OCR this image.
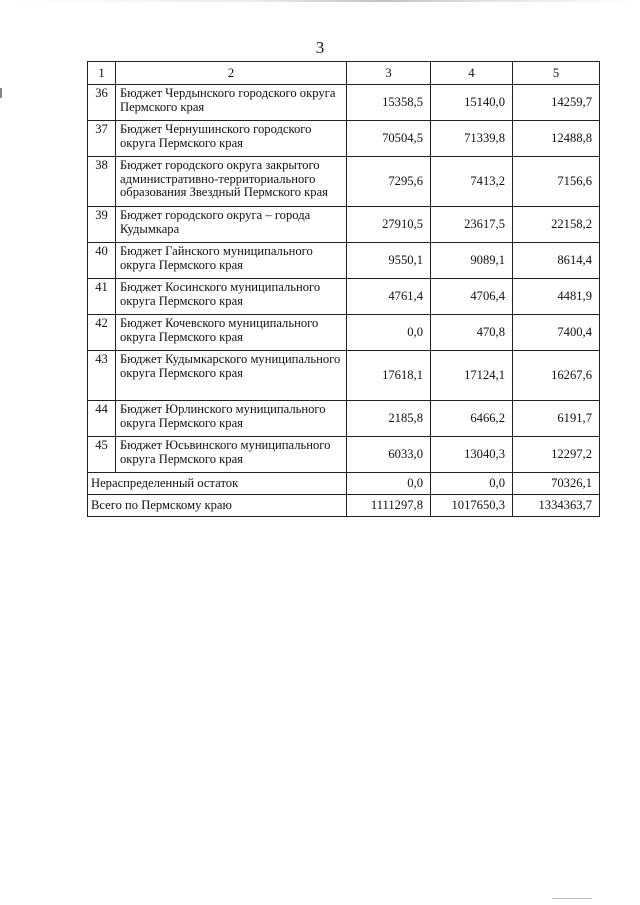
3
1	2	3	4	5
36	Бюджет Чердынского городского округа Пермского края	15358,5	15140,0	14259,7
37	Бюджет Чернушинского городского округа Пермского края	70504,5	71339,8	12488,8
38	Бюджет городского округа закрытого административно-территориального образования Звездный Пермского края	7295,6	7413,2	7156,6
39	Бюджет городского округа – города Кудымкара	27910,5	23617,5	22158,2
40	Бюджет Гайнского муниципального округа Пермского края	9550,1	9089,1	8614,4
41	Бюджет Косинского муниципального округа Пермского края	4761,4	4706,4	4481,9
42	Бюджет Кочевского муниципального округа Пермского края	0,0	470,8	7400,4
43	Бюджет Кудымкарского муниципального округа Пермского края	17618,1	17124,1	16267,6
44	Бюджет Юрлинского муниципального округа Пермского края	2185,8	6466,2	6191,7
45	Бюджет Юсьвинского муниципального округа Пермского края	6033,0	13040,3	12297,2
Нераспределенный остаток		0,0	0,0	70326,1
Всего по Пермскому краю		1111297,8	1017650,3	1334363,7
